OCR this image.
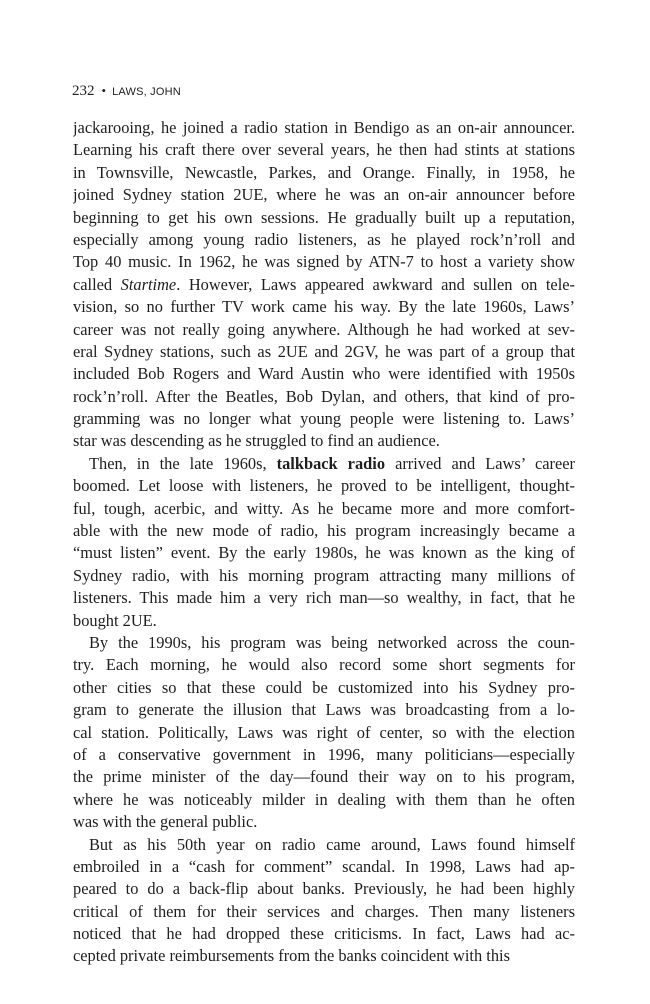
232 • LAWS, JOHN
jackarooing, he joined a radio station in Bendigo as an on-air announcer.
Learning his craft there over several years, he then had stints at stations
in Townsville, Newcastle, Parkes, and Orange. Finally, in 1958, he
joined Sydney station 2UE, where he was an on-air announcer before
beginning to get his own sessions. He gradually built up a reputation,
especially among young radio listeners, as he played rock’n’roll and
Top 40 music. In 1962, he was signed by ATN-7 to host a variety show
called Startime. However, Laws appeared awkward and sullen on tele-
vision, so no further TV work came his way. By the late 1960s, Laws’
career was not really going anywhere. Although he had worked at sev-
eral Sydney stations, such as 2UE and 2GV, he was part of a group that
included Bob Rogers and Ward Austin who were identified with 1950s
rock’n’roll. After the Beatles, Bob Dylan, and others, that kind of pro-
gramming was no longer what young people were listening to. Laws’
star was descending as he struggled to find an audience.
Then, in the late 1960s, talkback radio arrived and Laws’ career
boomed. Let loose with listeners, he proved to be intelligent, thought-
ful, tough, acerbic, and witty. As he became more and more comfort-
able with the new mode of radio, his program increasingly became a
“must listen” event. By the early 1980s, he was known as the king of
Sydney radio, with his morning program attracting many millions of
listeners. This made him a very rich man—so wealthy, in fact, that he
bought 2UE.
By the 1990s, his program was being networked across the coun-
try. Each morning, he would also record some short segments for
other cities so that these could be customized into his Sydney pro-
gram to generate the illusion that Laws was broadcasting from a lo-
cal station. Politically, Laws was right of center, so with the election
of a conservative government in 1996, many politicians—especially
the prime minister of the day—found their way on to his program,
where he was noticeably milder in dealing with them than he often
was with the general public.
But as his 50th year on radio came around, Laws found himself
embroiled in a “cash for comment” scandal. In 1998, Laws had ap-
peared to do a back-flip about banks. Previously, he had been highly
critical of them for their services and charges. Then many listeners
noticed that he had dropped these criticisms. In fact, Laws had ac-
cepted private reimbursements from the banks coincident with this
